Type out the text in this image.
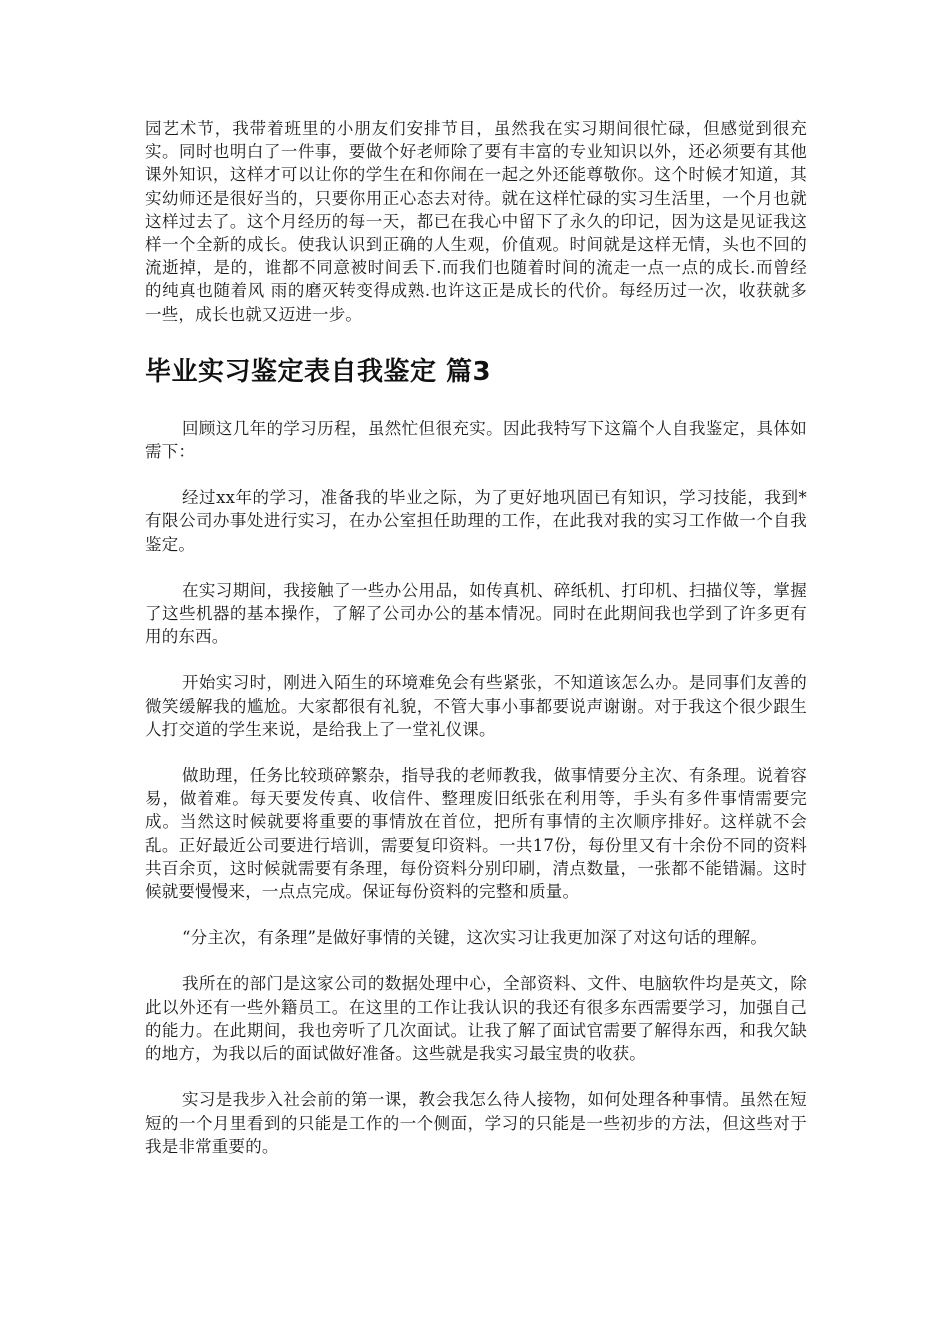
园艺术节，我带着班里的小朋友们安排节目，虽然我在实习期间很忙碌，但感觉到很充实。同时也明白了一件事，要做个好老师除了要有丰富的专业知识以外，还必须要有其他课外知识，这样才可以让你的学生在和你闹在一起之外还能尊敬你。这个时候才知道，其实幼师还是很好当的，只要你用正心态去对待。就在这样忙碌的实习生活里，一个月也就这样过去了。这个月经历的每一天，都已在我心中留下了永久的印记，因为这是见证我这样一个全新的成长。使我认识到正确的人生观，价值观。时间就是这样无情，头也不回的流逝掉，是的，谁都不同意被时间丢下.而我们也随着时间的流走一点一点的成长.而曾经的纯真也随着风 雨的磨灭转变得成熟.也许这正是成长的代价。每经历过一次，收获就多一些，成长也就又迈进一步。

毕业实习鉴定表自我鉴定 篇3

回顾这几年的学习历程，虽然忙但很充实。因此我特写下这篇个人自我鉴定，具体如需下：

经过xx年的学习，准备我的毕业之际，为了更好地巩固已有知识，学习技能，我到*有限公司办事处进行实习，在办公室担任助理的工作，在此我对我的实习工作做一个自我鉴定。

在实习期间，我接触了一些办公用品，如传真机、碎纸机、打印机、扫描仪等，掌握了这些机器的基本操作，了解了公司办公的基本情况。同时在此期间我也学到了许多更有用的东西。

开始实习时，刚进入陌生的环境难免会有些紧张，不知道该怎么办。是同事们友善的微笑缓解我的尴尬。大家都很有礼貌，不管大事小事都要说声谢谢。对于我这个很少跟生人打交道的学生来说，是给我上了一堂礼仪课。

做助理，任务比较琐碎繁杂，指导我的老师教我，做事情要分主次、有条理。说着容易，做着难。每天要发传真、收信件、整理废旧纸张在利用等，手头有多件事情需要完成。当然这时候就要将重要的事情放在首位，把所有事情的主次顺序排好。这样就不会乱。正好最近公司要进行培训，需要复印资料。一共17份，每份里又有十余份不同的资料共百余页，这时候就需要有条理，每份资料分别印刷，清点数量，一张都不能错漏。这时候就要慢慢来，一点点完成。保证每份资料的完整和质量。

“分主次，有条理”是做好事情的关键，这次实习让我更加深了对这句话的理解。

我所在的部门是这家公司的数据处理中心，全部资料、文件、电脑软件均是英文，除此以外还有一些外籍员工。在这里的工作让我认识的我还有很多东西需要学习，加强自己的能力。在此期间，我也旁听了几次面试。让我了解了面试官需要了解得东西，和我欠缺的地方，为我以后的面试做好准备。这些就是我实习最宝贵的收获。

实习是我步入社会前的第一课，教会我怎么待人接物，如何处理各种事情。虽然在短短的一个月里看到的只能是工作的一个侧面，学习的只能是一些初步的方法，但这些对于我是非常重要的。
